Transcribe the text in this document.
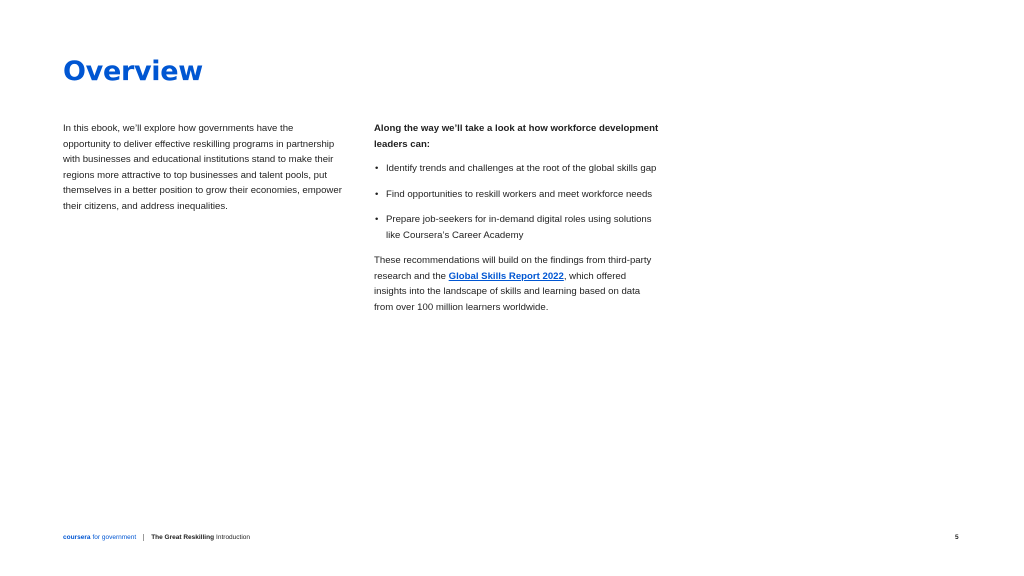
Overview

In this ebook, we’ll explore how governments have the opportunity to deliver effective reskilling programs in partnership with businesses and educational institutions stand to make their regions more attractive to top businesses and talent pools, put themselves in a better position to grow their economies, empower their citizens, and address inequalities.

Along the way we’ll take a look at how workforce development leaders can:

• Identify trends and challenges at the root of the global skills gap
• Find opportunities to reskill workers and meet workforce needs
• Prepare job-seekers for in-demand digital roles using solutions like Coursera’s Career Academy

These recommendations will build on the findings from third-party research and the Global Skills Report 2022, which offered insights into the landscape of skills and learning based on data from over 100 million learners worldwide.

coursera for government The Great Reskilling Introduction	5
